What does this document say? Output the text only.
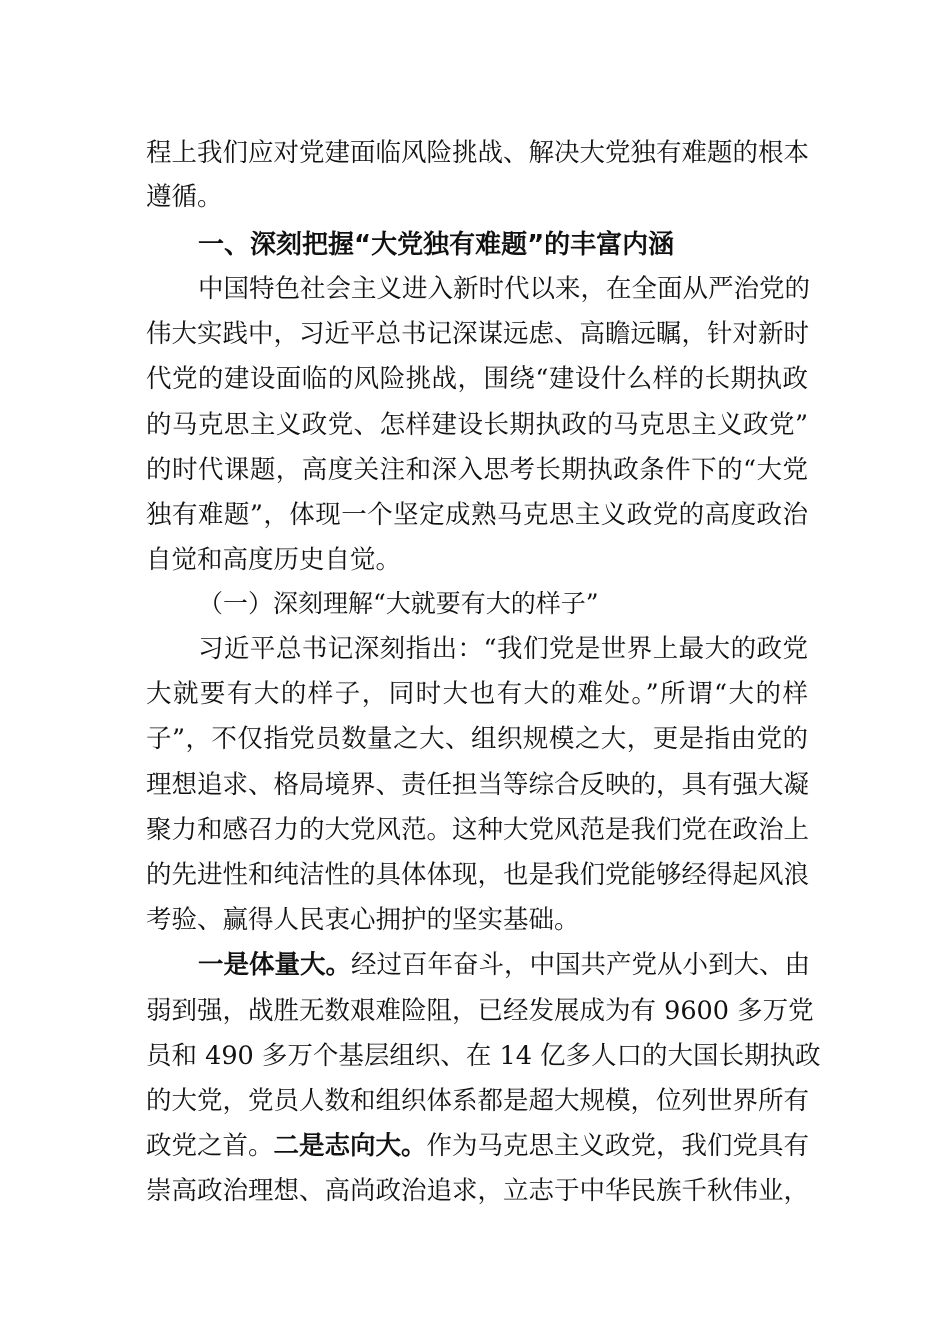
程上我们应对党建面临风险挑战、解决大党独有难题的根本
遵循。
一、深刻把握“大党独有难题”的丰富内涵
中国特色社会主义进入新时代以来，在全面从严治党的
伟大实践中，习近平总书记深谋远虑、高瞻远瞩，针对新时
代党的建设面临的风险挑战，围绕“建设什么样的长期执政
的马克思主义政党、怎样建设长期执政的马克思主义政党”
的时代课题，高度关注和深入思考长期执政条件下的“大党
独有难题”，体现一个坚定成熟马克思主义政党的高度政治
自觉和高度历史自觉。
（一）深刻理解“大就要有大的样子”
习近平总书记深刻指出：“我们党是世界上最大的政党
大就要有大的样子，同时大也有大的难处。”所谓“大的样
子”，不仅指党员数量之大、组织规模之大，更是指由党的
理想追求、格局境界、责任担当等综合反映的，具有强大凝
聚力和感召力的大党风范。这种大党风范是我们党在政治上
的先进性和纯洁性的具体体现，也是我们党能够经得起风浪
考验、赢得人民衷心拥护的坚实基础。
一是体量大。经过百年奋斗，中国共产党从小到大、由
弱到强，战胜无数艰难险阻，已经发展成为有 9600 多万党
员和 490 多万个基层组织、在 14 亿多人口的大国长期执政
的大党，党员人数和组织体系都是超大规模，位列世界所有
政党之首。二是志向大。作为马克思主义政党，我们党具有
崇高政治理想、高尚政治追求，立志于中华民族千秋伟业，
